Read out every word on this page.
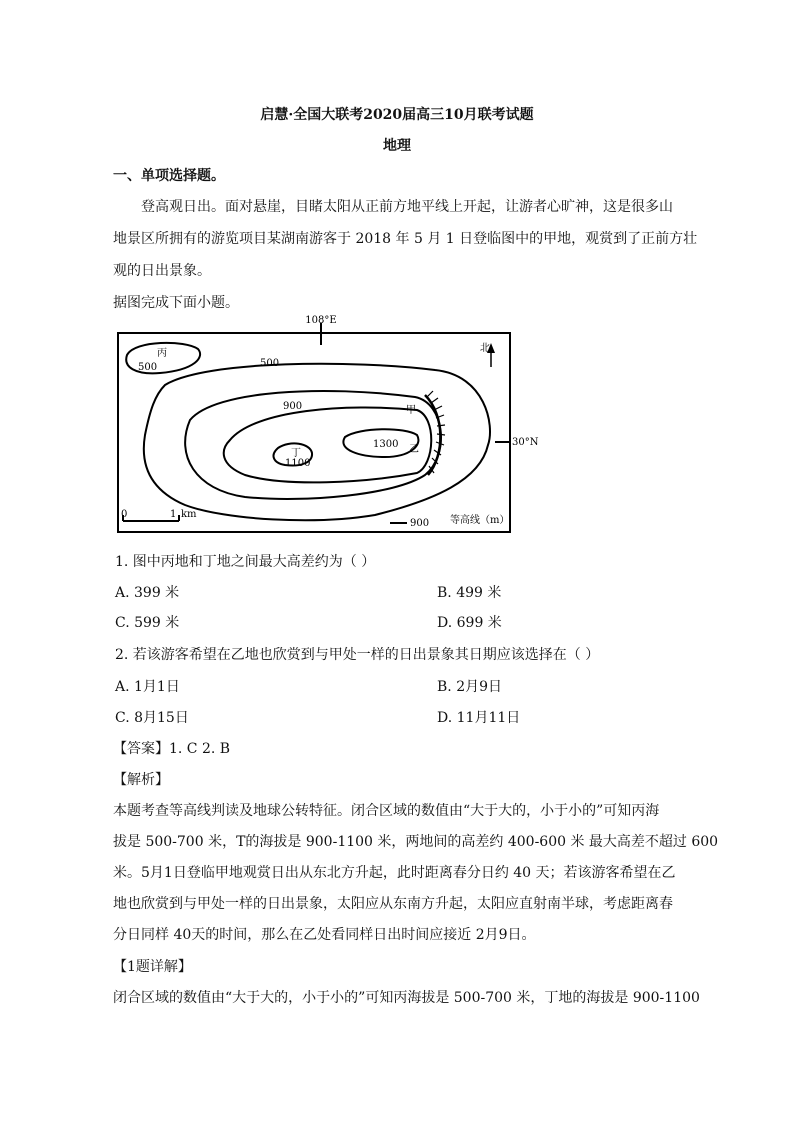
启慧·全国大联考2020届高三10月联考试题
地理
一、单项选择题。
登高观日出。面对悬崖，目睹太阳从正前方地平线上开起，让游者心旷神，这是很多山
地景区所拥有的游览项目某湖南游客于 2018 年 5 月 1 日登临图中的甲地，观赏到了正前方壮
观的日出景象。
据图完成下面小题。
108°E
30°N
北
丙
500	500
900	甲
乙
丁
1100
1300
0	1 km
900 等高线（m）
1. 图中丙地和丁地之间最大高差约为（ ）
A. 399 米	B. 499 米
C. 599 米	D. 699 米
2. 若该游客希望在乙地也欣赏到与甲处一样的日出景象其日期应该选择在（ ）
A. 1月1日	B. 2月9日
C. 8月15日	D. 11月11日
【答案】1. C 2. B
【解析】
本题考查等高线判读及地球公转特征。闭合区域的数值由“大于大的，小于小的”可知丙海
拔是 500-700 米，T的海拔是 900-1100 米，两地间的高差约 400-600 米 最大高差不超过 600
米。5月1日登临甲地观赏日出从东北方升起，此时距离春分日约 40 天；若该游客希望在乙
地也欣赏到与甲处一样的日出景象，太阳应从东南方升起，太阳应直射南半球，考虑距离春
分日同样 40天的时间，那么在乙处看同样日出时间应接近 2月9日。
【1题详解】
闭合区域的数值由“大于大的，小于小的”可知丙海拔是 500-700 米，丁地的海拔是 900-1100
